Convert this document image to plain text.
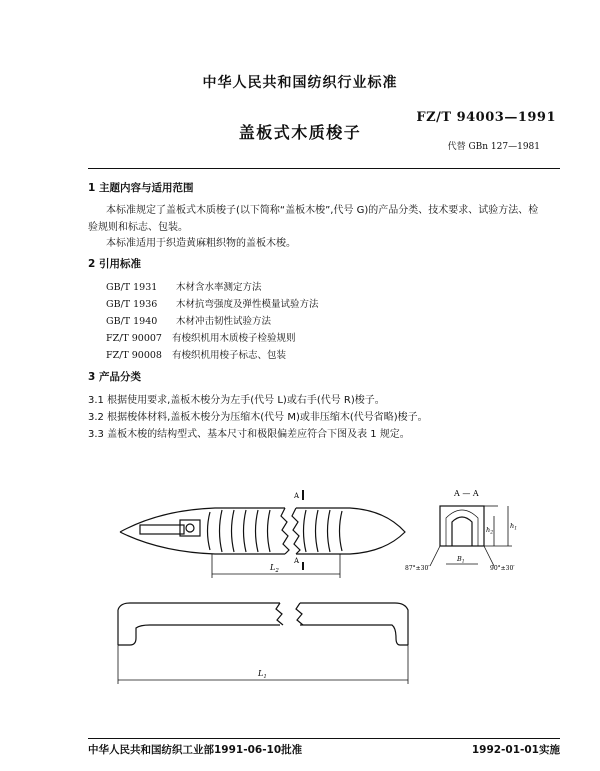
中华人民共和国纺织行业标准
FZ/T 94003—1991
盖板式木质梭子
代替 GBn 127—1981
1 主题内容与适用范围
本标准规定了盖板式木质梭子(以下简称“盖板木梭”,代号 G)的产品分类、技术要求、试验方法、检
验规则和标志、包装。
本标准适用于织造黄麻粗织物的盖板木梭。
2 引用标准
GB/T 1931 木材含水率测定方法
GB/T 1936 木材抗弯强度及弹性模量试验方法
GB/T 1940 木材冲击韧性试验方法
FZ/T 90007 有梭织机用木质梭子检验规则
FZ/T 90008 有梭织机用梭子标志、包装
3 产品分类
3.1 根据使用要求,盖板木梭分为左手(代号 L)或右手(代号 R)梭子。
3.2 根据梭体材料,盖板木梭分为压缩木(代号 M)或非压缩木(代号省略)梭子。
3.3 盖板木梭的结构型式、基本尺寸和极限偏差应符合下图及表 1 规定。
A
A
$L_2$
$L_1$
A — A
$h_2$
$h_1$
$B_1$
87°±30′	90°±30′
中华人民共和国纺织工业部1991-06-10批准	1992-01-01实施
